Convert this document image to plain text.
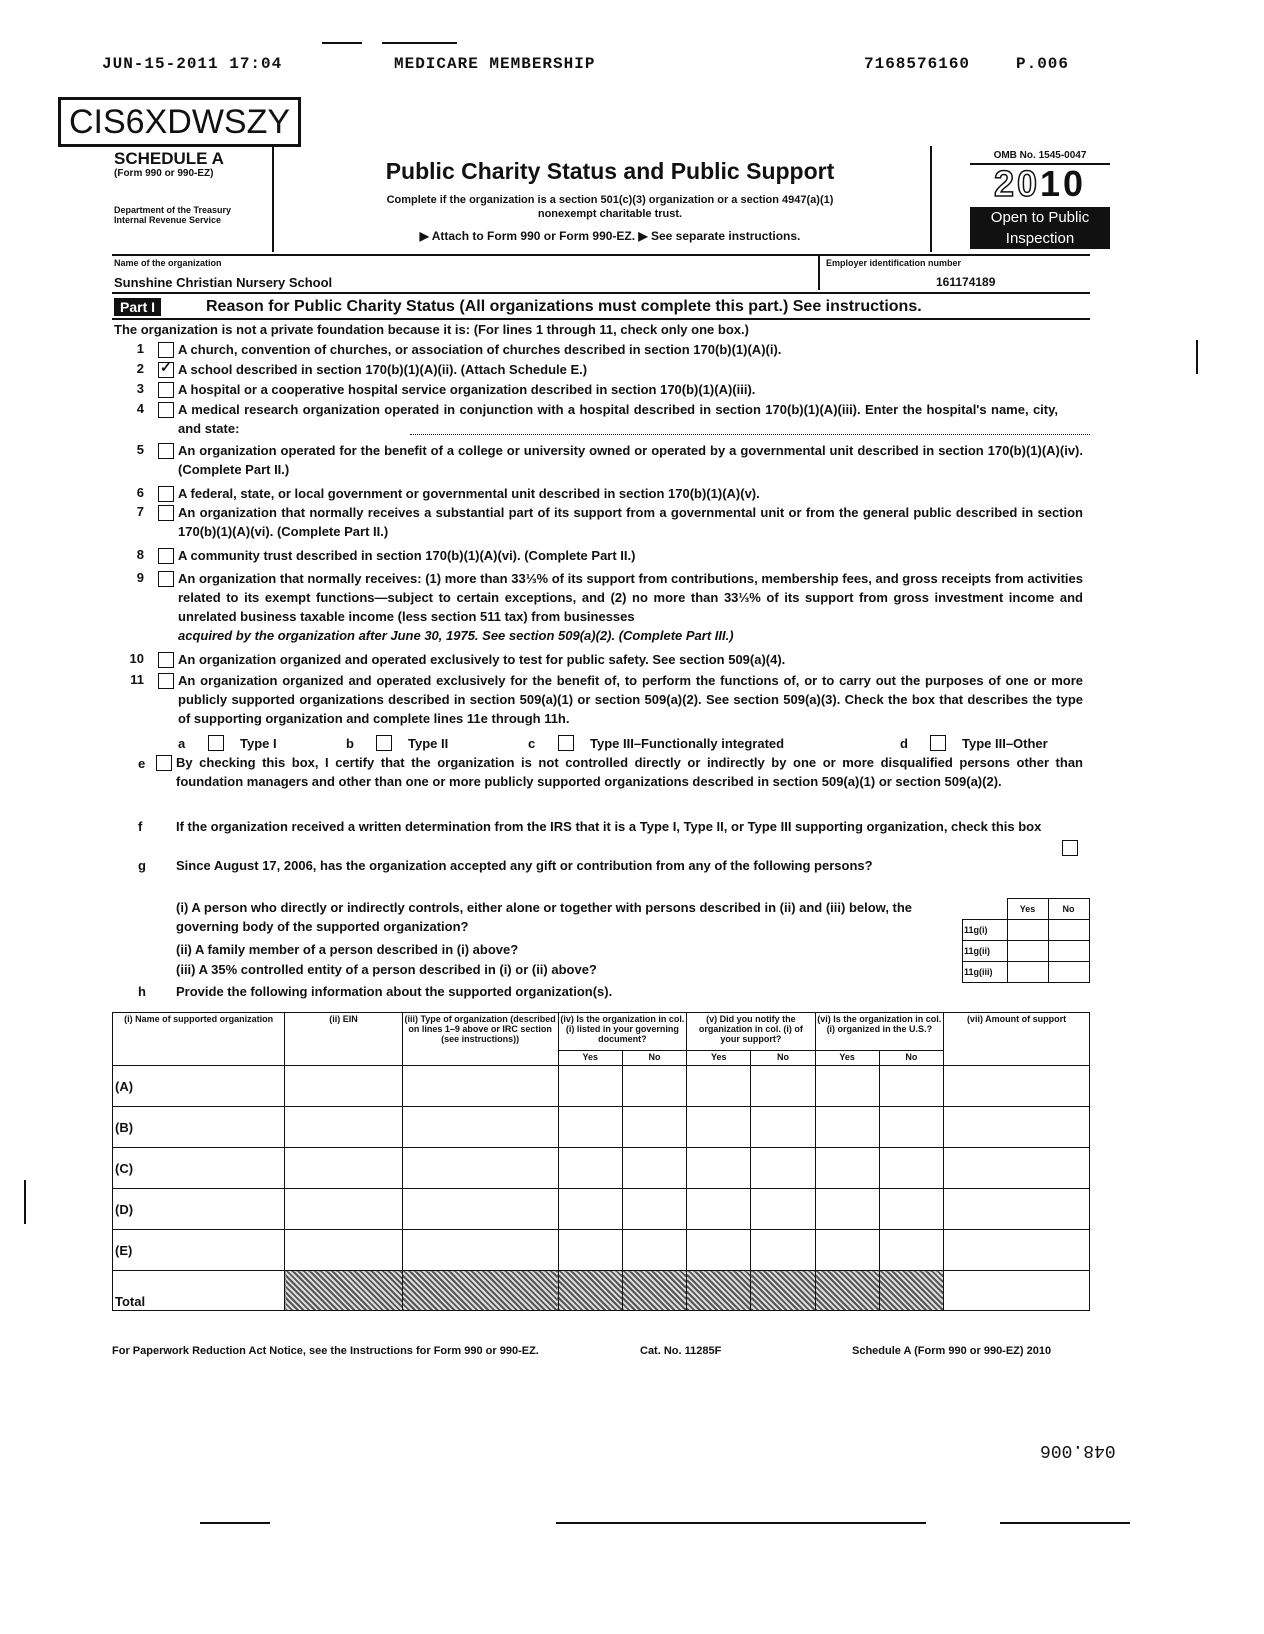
JUN-15-2011 17:04	MEDICARE MEMBERSHIP	7168576160	P.006
CIS6XDWSZY
SCHEDULE A
(Form 990 or 990-EZ)
Department of the Treasury
Internal Revenue Service
Public Charity Status and Public Support
Complete if the organization is a section 501(c)(3) organization or a section 4947(a)(1) nonexempt charitable trust.
▶ Attach to Form 990 or Form 990-EZ. ▶ See separate instructions.
OMB No. 1545-0047
2010
Open to Public
Inspection
Name of the organization
Sunshine Christian Nursery School
Employer identification number
161174189
Part I	Reason for Public Charity Status (All organizations must complete this part.) See instructions.
The organization is not a private foundation because it is: (For lines 1 through 11, check only one box.)
1	A church, convention of churches, or association of churches described in section 170(b)(1)(A)(i).
2 ✓ A school described in section 170(b)(1)(A)(ii). (Attach Schedule E.)
3	A hospital or a cooperative hospital service organization described in section 170(b)(1)(A)(iii).
4	A medical research organization operated in conjunction with a hospital described in section 170(b)(1)(A)(iii). Enter the hospital's name, city, and state:
5	An organization operated for the benefit of a college or university owned or operated by a governmental unit described in section 170(b)(1)(A)(iv). (Complete Part II.)
6	A federal, state, or local government or governmental unit described in section 170(b)(1)(A)(v).
7	An organization that normally receives a substantial part of its support from a governmental unit or from the general public described in section 170(b)(1)(A)(vi). (Complete Part II.)
8	A community trust described in section 170(b)(1)(A)(vi). (Complete Part II.)
9	An organization that normally receives: (1) more than 33⅓% of its support from contributions, membership fees, and gross receipts from activities related to its exempt functions—subject to certain exceptions, and (2) no more than 33⅓% of its support from gross investment income and unrelated business taxable income (less section 511 tax) from businesses
acquired by the organization after June 30, 1975. See section 509(a)(2). (Complete Part III.)
10	An organization organized and operated exclusively to test for public safety. See section 509(a)(4).
11	An organization organized and operated exclusively for the benefit of, to perform the functions of, or to carry out the purposes of one or more publicly supported organizations described in section 509(a)(1) or section 509(a)(2). See section 509(a)(3). Check the box that describes the type of supporting organization and complete lines 11e through 11h.
a	Type I	b	Type II	c	Type III–Functionally integrated	d	Type III–Other
e By checking this box, I certify that the organization is not controlled directly or indirectly by one or more disqualified persons other than foundation managers and other than one or more publicly supported organizations described in section 509(a)(1) or section 509(a)(2).
f	If the organization received a written determination from the IRS that it is a Type I, Type II, or Type III supporting organization, check this box
g Since August 17, 2006, has the organization accepted any gift or contribution from any of the following persons?
(i) A person who directly or indirectly controls, either alone or together with persons described in (ii) and (iii) below, the governing body of the supported organization?
(ii) A family member of a person described in (i) above?
(iii) A 35% controlled entity of a person described in (i) or (ii) above?
	Yes	No
11g(i)		
11g(ii)		
11g(iii)		
h Provide the following information about the supported organization(s).
(i) Name of supported organization	(ii) EIN	(iii) Type of organization (described on lines 1–9 above or IRC section (see instructions))	(iv) Is the organization in col. (i) listed in your governing document?		(v) Did you notify the organization in col. (i) of your support?		(vi) Is the organization in col. (i) organized in the U.S.?		(vii) Amount of support
			Yes	No	Yes	No	Yes	No	
(A)									
(B)									
(C)									
(D)									
(E)									
Total									
For Paperwork Reduction Act Notice, see the Instructions for Form 990 or 990-EZ.	Cat. No. 11285F	Schedule A (Form 990 or 990-EZ) 2010
048.006
